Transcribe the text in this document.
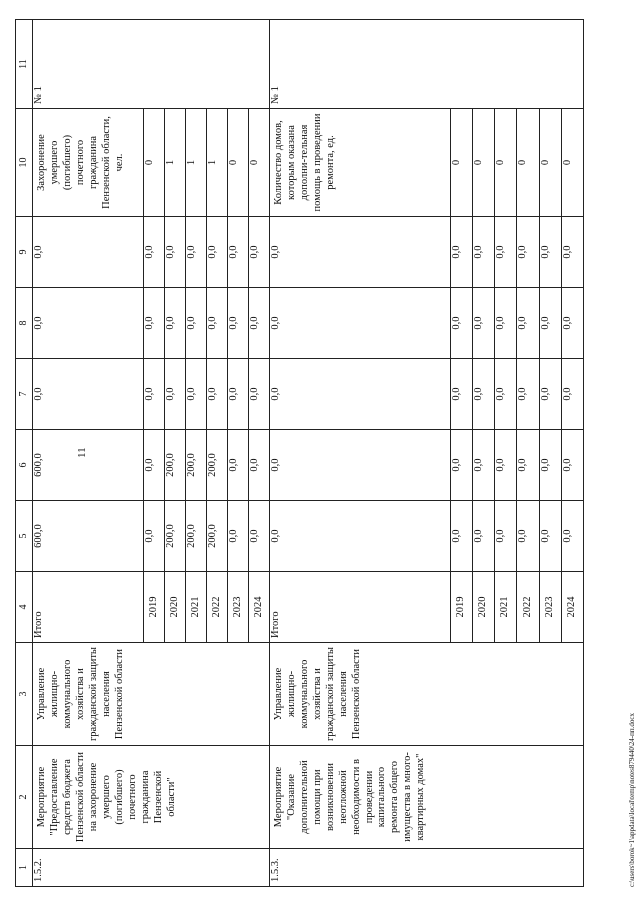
11
1	2	3	4	5	6	7	8	9	10	11
1.5.2.	Мероприятие "Предоставление средств бюджета Пензенской области на захоронение умершего (погибшего) почетного гражданина Пензенской области"	Управление жилищно-коммунального хозяйства и гражданской защиты населения Пензенской области	Итого	600,0	600,0	0,0	0,0	0,0	Захоронение умершего (погибшего) почетного гражданина Пензенской области, чел.	№ 1
			2019	0,0	0,0	0,0	0,0	0,0	0	
			2020	200,0	200,0	0,0	0,0	0,0	1	
			2021	200,0	200,0	0,0	0,0	0,0	1	
			2022	200,0	200,0	0,0	0,0	0,0	1	
			2023	0,0	0,0	0,0	0,0	0,0	0	
			2024	0,0	0,0	0,0	0,0	0,0	0	
1.5.3.	Мероприятие "Оказание дополнительной помощи при возникновении неотложной необходимости в проведении капитального ремонта общего имущества в много-квартирных домах"	Управление жилищно-коммунального хозяйства и гражданской защиты населения Пензенской области	Итого	0,0	0,0	0,0	0,0	0,0	Количество домов, которым оказана дополни-тельная помощь в проведении ремонта, ед.	№ 1
			2019	0,0	0,0	0,0	0,0	0,0	0	
			2020	0,0	0,0	0,0	0,0	0,0	0	
			2021	0,0	0,0	0,0	0,0	0,0	0	
			2022	0,0	0,0	0,0	0,0	0,0	0	
			2023	0,0	0,0	0,0	0,0	0,0	0	
			2024	0,0	0,0	0,0	0,0	0,0	0	
c:\users\borok~1\appdata\local\temp\notes879440\24-пп.docx
